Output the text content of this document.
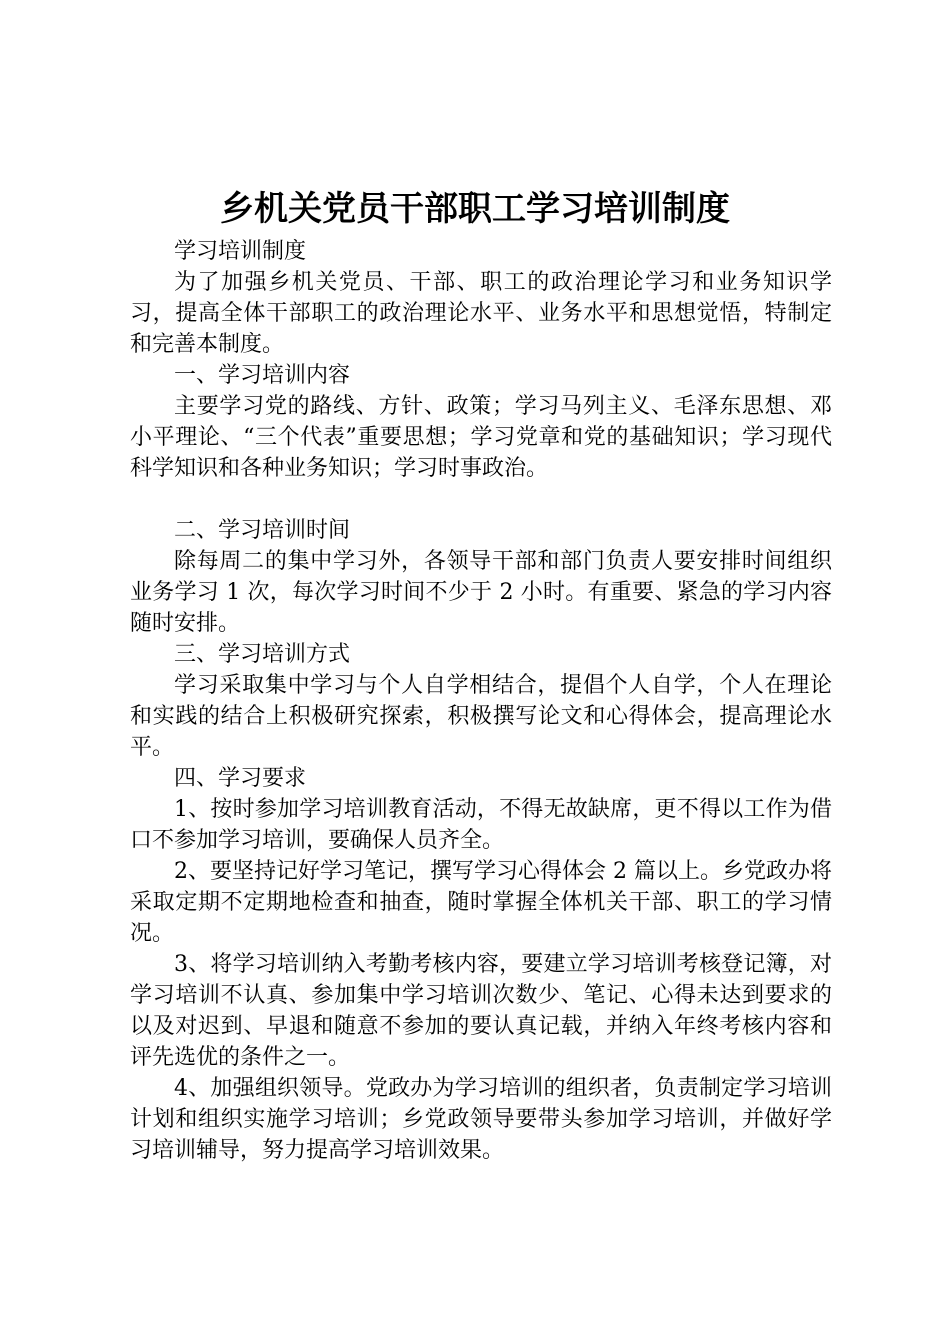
乡机关党员干部职工学习培训制度

学习培训制度

为了加强乡机关党员、干部、职工的政治理论学习和业务知识学习，提高全体干部职工的政治理论水平、业务水平和思想觉悟，特制定和完善本制度。

一、学习培训内容

主要学习党的路线、方针、政策；学习马列主义、毛泽东思想、邓小平理论、“三个代表”重要思想；学习党章和党的基础知识；学习现代科学知识和各种业务知识；学习时事政治。

二、学习培训时间

除每周二的集中学习外，各领导干部和部门负责人要安排时间组织业务学习 1 次，每次学习时间不少于 2 小时。有重要、紧急的学习内容随时安排。

三、学习培训方式

学习采取集中学习与个人自学相结合，提倡个人自学，个人在理论和实践的结合上积极研究探索，积极撰写论文和心得体会，提高理论水平。

四、学习要求

1、按时参加学习培训教育活动，不得无故缺席，更不得以工作为借口不参加学习培训，要确保人员齐全。

2、要坚持记好学习笔记，撰写学习心得体会 2 篇以上。乡党政办将采取定期不定期地检查和抽查，随时掌握全体机关干部、职工的学习情况。

3、将学习培训纳入考勤考核内容，要建立学习培训考核登记簿，对学习培训不认真、参加集中学习培训次数少、笔记、心得未达到要求的以及对迟到、早退和随意不参加的要认真记载，并纳入年终考核内容和评先选优的条件之一。

4、加强组织领导。党政办为学习培训的组织者，负责制定学习培训计划和组织实施学习培训；乡党政领导要带头参加学习培训，并做好学习培训辅导，努力提高学习培训效果。
